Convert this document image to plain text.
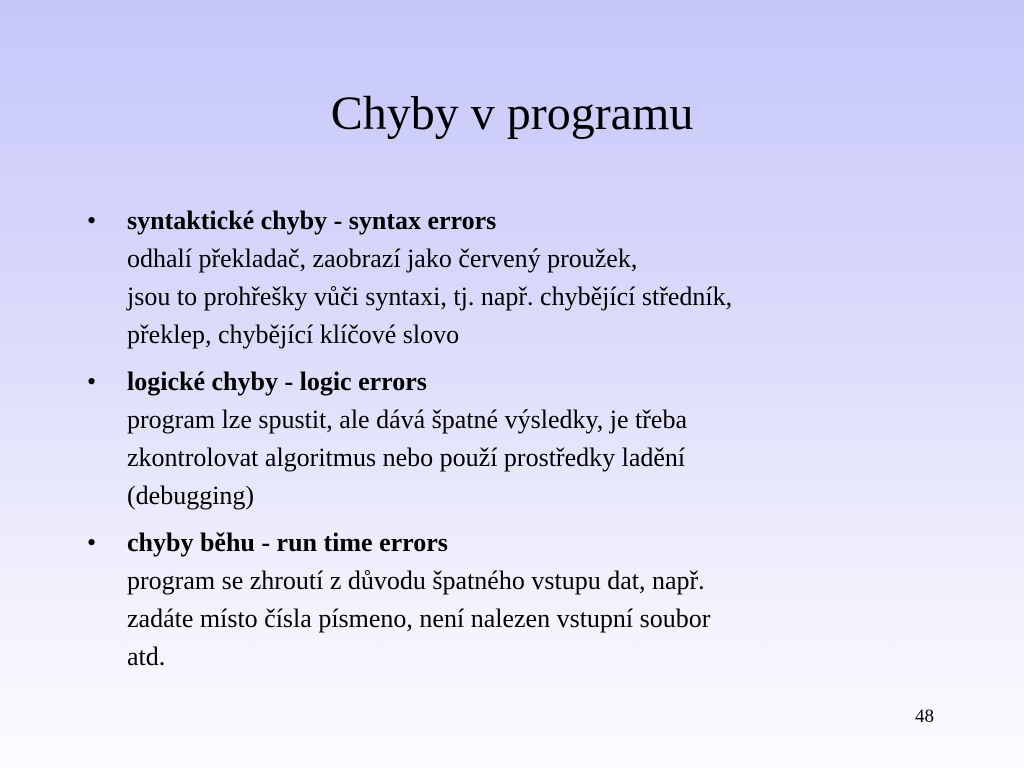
Chyby v programu
• syntaktické chyby - syntax errors
odhalí překladač, zaobrazí jako červený proužek,
jsou to prohřešky vůči syntaxi, tj. např. chybějící středník,
překlep, chybějící klíčové slovo
• logické chyby - logic errors
program lze spustit, ale dává špatné výsledky, je třeba
zkontrolovat algoritmus nebo použí prostředky ladění
(debugging)
• chyby běhu - run time errors
program se zhroutí z důvodu špatného vstupu dat, např.
zadáte místo čísla písmeno, není nalezen vstupní soubor
atd.
48
